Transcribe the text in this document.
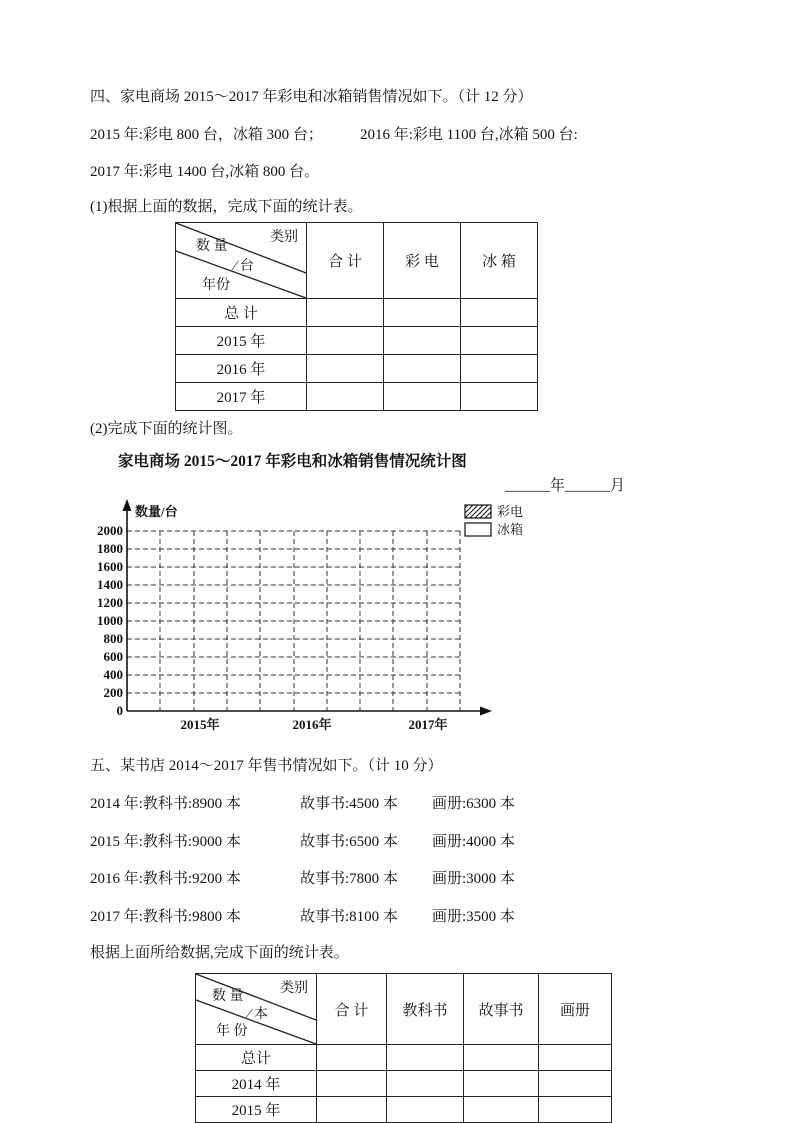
四、家电商场 2015～2017 年彩电和冰箱销售情况如下。（计 12 分）

2015 年:彩电 800 台，冰箱 300 台； 2016 年:彩电 1100 台,冰箱 500 台:

2017 年:彩电 1400 台,冰箱 800 台。

(1)根据上面的数据，完成下面的统计表。

类别
数 量
∕ 台
年份	合 计	彩 电	冰 箱
总 计			
2015 年			
2016 年			
2017 年			

(2)完成下面的统计图。

家电商场 2015～2017 年彩电和冰箱销售情况统计图

______年______月

数量/台
2000
1800
1600
1400
1200
1000
800
600
400
200
0
2015年	2016年	2017年
彩电
冰箱

五、某书店 2014～2017 年售书情况如下。（计 10 分）

2014 年:教科书:8900 本	故事书:4500 本 画册:6300 本

2015 年:教科书:9000 本	故事书:6500 本 画册:4000 本

2016 年:教科书:9200 本	故事书:7800 本 画册:3000 本

2017 年:教科书:9800 本	故事书:8100 本 画册:3500 本

根据上面所给数据,完成下面的统计表。

类别
数 量
∕ 本
年 份	合 计	教科书	故事书	画册
总计				
2014 年				
2015 年				
